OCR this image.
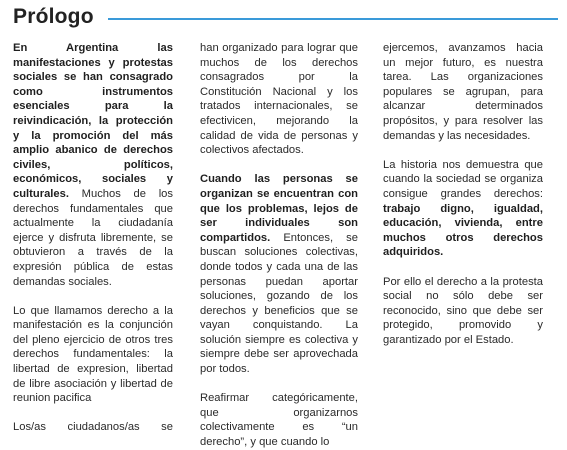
Prólogo

En Argentina las manifestaciones y protestas sociales se han consagrado como instrumentos esenciales para la reivindicación, la protección y la promoción del más amplio abanico de derechos civiles, políticos, económicos, sociales y culturales. Muchos de los derechos fundamentales que actualmente la ciudadanía ejerce y disfruta libremente, se obtuvieron a través de la expresión pública de estas demandas sociales.

Lo que llamamos derecho a la manifestación es la conjunción del pleno ejercicio de otros tres derechos fundamentales: la libertad de expresion, libertad de libre asociación y libertad de reunion pacifica

Los/as ciudadanos/as se

han organizado para lograr que muchos de los derechos consagrados por la Constitución Nacional y los tratados internacionales, se efectivicen, mejorando la calidad de vida de personas y colectivos afectados.

Cuando las personas se organizan se encuentran con que los problemas, lejos de ser individuales son compartidos. Entonces, se buscan soluciones colectivas, donde todos y cada una de las personas puedan aportar soluciones, gozando de los derechos y beneficios que se vayan conquistando. La solución siempre es colectiva y siempre debe ser aprovechada por todos.

Reafirmar categóricamente, que organizarnos colectivamente es “un derecho”, y que cuando lo

ejercemos, avanzamos hacia un mejor futuro, es nuestra tarea. Las organizaciones populares se agrupan, para alcanzar determinados propósitos, y para resolver las demandas y las necesidades.

La historia nos demuestra que cuando la sociedad se organiza consigue grandes derechos: trabajo digno, igualdad, educación, vivienda, entre muchos otros derechos adquiridos.

Por ello el derecho a la protesta social no sólo debe ser reconocido, sino que debe ser protegido, promovido y garantizado por el Estado.
